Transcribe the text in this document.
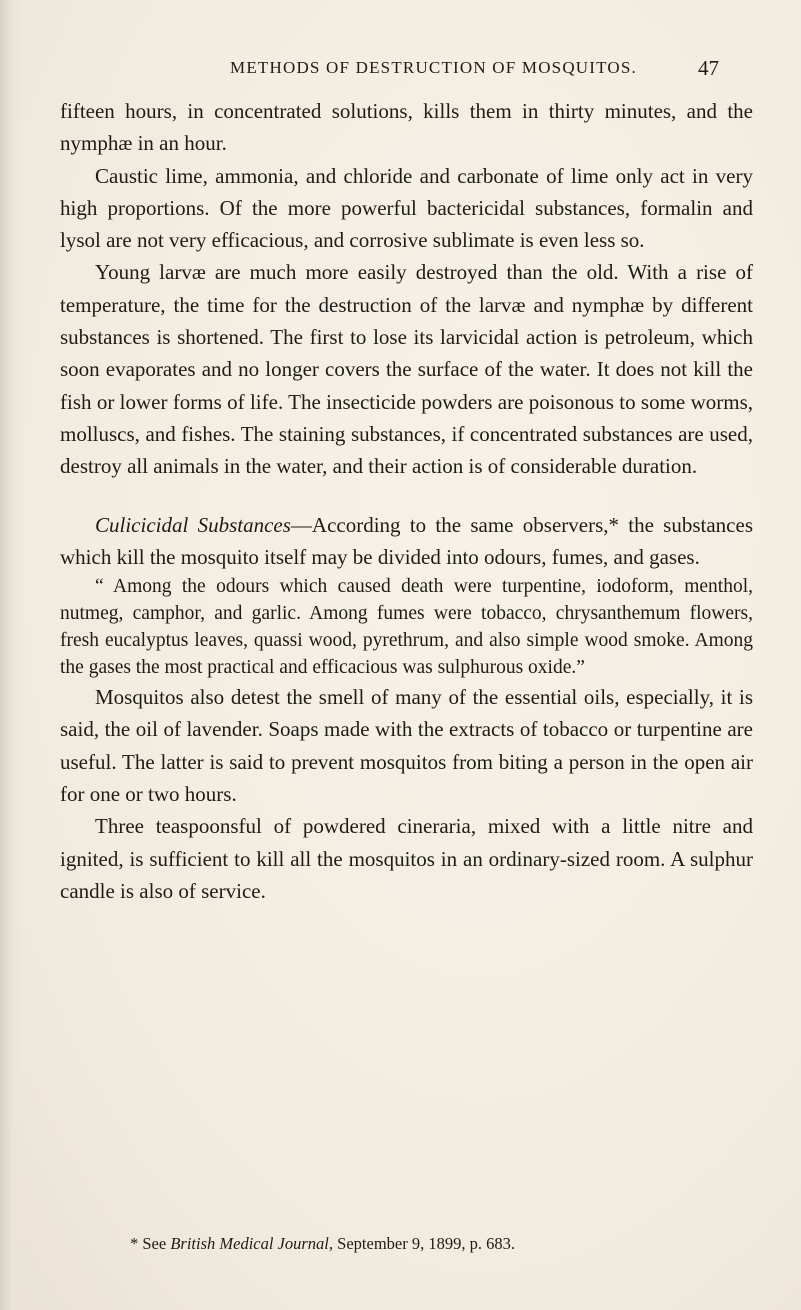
METHODS OF DESTRUCTION OF MOSQUITOS.	47

fifteen hours, in concentrated solutions, kills them in thirty minutes, and the nymphæ in an hour.

Caustic lime, ammonia, and chloride and carbonate of lime only act in very high proportions. Of the more powerful bactericidal substances, formalin and lysol are not very efficacious, and corrosive sublimate is even less so.

Young larvæ are much more easily destroyed than the old. With a rise of temperature, the time for the destruction of the larvæ and nymphæ by different substances is shortened. The first to lose its larvicidal action is petroleum, which soon evaporates and no longer covers the surface of the water. It does not kill the fish or lower forms of life. The insecticide powders are poisonous to some worms, molluscs, and fishes. The staining substances, if concentrated substances are used, destroy all animals in the water, and their action is of considerable duration.

Culicicidal Substances—According to the same observers,* the substances which kill the mosquito itself may be divided into odours, fumes, and gases.

“ Among the odours which caused death were turpentine, iodoform, menthol, nutmeg, camphor, and garlic. Among fumes were tobacco, chrysanthemum flowers, fresh eucalyptus leaves, quassi wood, pyrethrum, and also simple wood smoke. Among the gases the most practical and efficacious was sulphurous oxide.”

Mosquitos also detest the smell of many of the essential oils, especially, it is said, the oil of lavender. Soaps made with the extracts of tobacco or turpentine are useful. The latter is said to prevent mosquitos from biting a person in the open air for one or two hours.

Three teaspoonsful of powdered cineraria, mixed with a little nitre and ignited, is sufficient to kill all the mosquitos in an ordinary-sized room. A sulphur candle is also of service.

* See British Medical Journal, September 9, 1899, p. 683.
